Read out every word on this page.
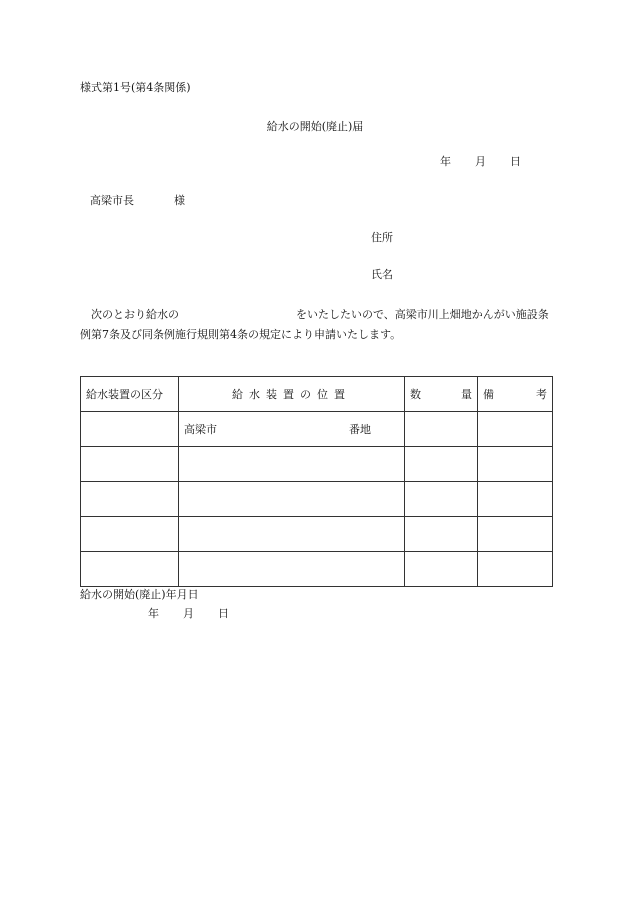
様式第1号(第4条関係)
給水の開始(廃止)届
年 月 日
高梁市長	様
住所
氏名
次のとおり給水の	をいたしたいので、高梁市川上畑地かんがい施設条例第7条及び同条例施行規則第4条の規定により申請いたします。
給水装置の区分	給水装置の位置	数 量	備 考

	高梁市 番地		

給水の開始(廃止)年月日
年 月 日
